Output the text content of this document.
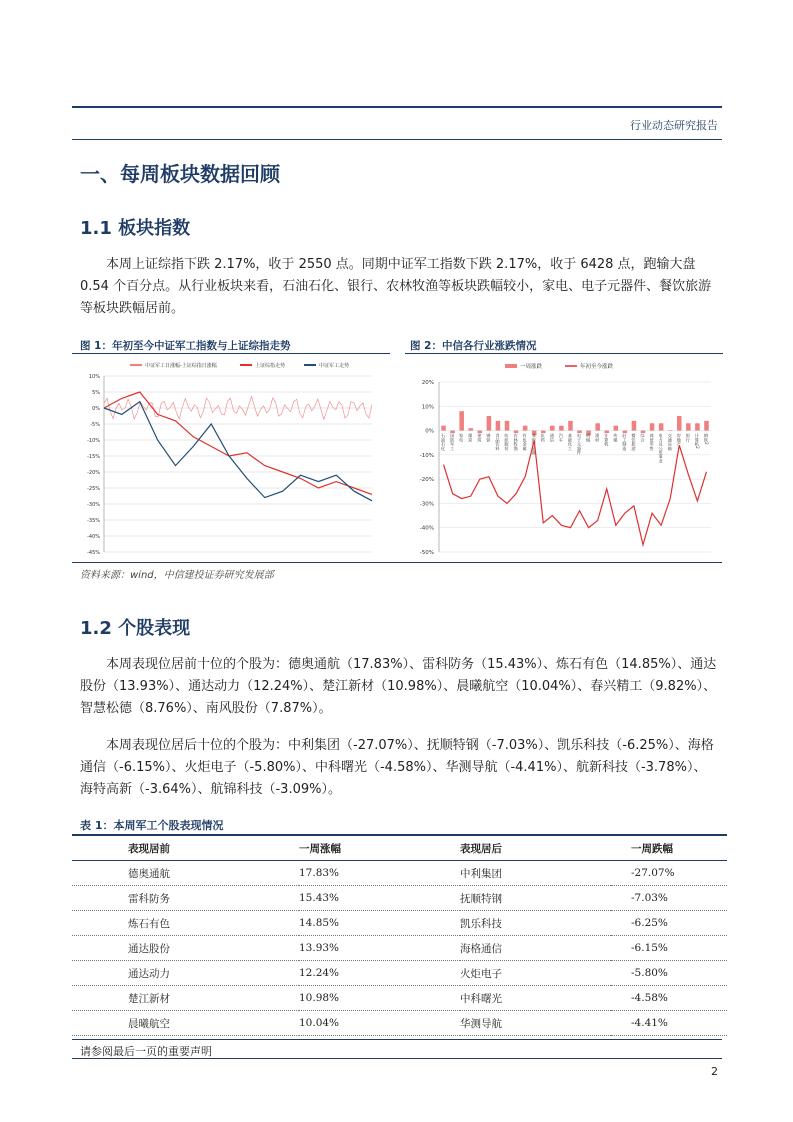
行业动态研究报告
一、每周板块数据回顾
1.1 板块指数
本周上证综指下跌 2.17%，收于 2550 点。同期中证军工指数下跌 2.17%，收于 6428 点，跑输大盘 0.54 个百分点。从行业板块来看，石油石化、银行、农林牧渔等板块跌幅较小，家电、电子元器件、餐饮旅游等板块跌幅居前。
图 1：年初至今中证军工指数与上证综指走势	图 2：中信各行业涨跌情况
中证军工日涨幅-上证综指日涨幅	上证综指走势	中证军工走势
10%
5%
0%
-5%
-10%
-15%
-20%
-25%
-30%
-35%
-40%
-45%
一周涨跌	年初至今涨跌
20%
10%
0%
-10%
-20%
-30%
-40%
-50%
石油石化 国防军工 家电 煤炭 建筑 钢铁 食品饮料 纺织服装 农林牧渔 有色金属 非银行金融 医药 通信 汽车 基础化工 电子元器件 机械 建材 计算机 传媒 轻工制造 餐饮旅游 综合 商贸零售 电力及公用事业 交通运输 房地产 银行 计算机2 钢铁2
资料来源：wind，中信建投证券研究发展部
1.2 个股表现
本周表现位居前十位的个股为：德奥通航（17.83%）、雷科防务（15.43%）、炼石有色（14.85%）、通达股份（13.93%）、通达动力（12.24%）、楚江新材（10.98%）、晨曦航空（10.04%）、春兴精工（9.82%）、智慧松德（8.76%）、南风股份（7.87%）。
本周表现位居后十位的个股为：中利集团（-27.07%）、抚顺特钢（-7.03%）、凯乐科技（-6.25%）、海格通信（-6.15%）、火炬电子（-5.80%）、中科曙光（-4.58%）、华测导航（-4.41%）、航新科技（-3.78%）、海特高新（-3.64%）、航锦科技（-3.09%）。
表 1：本周军工个股表现情况
表现居前	一周涨幅	表现居后	一周跌幅
德奥通航	17.83%	中利集团	-27.07%
雷科防务	15.43%	抚顺特钢	-7.03%
炼石有色	14.85%	凯乐科技	-6.25%
通达股份	13.93%	海格通信	-6.15%
通达动力	12.24%	火炬电子	-5.80%
楚江新材	10.98%	中科曙光	-4.58%
晨曦航空	10.04%	华测导航	-4.41%
请参阅最后一页的重要声明
2
